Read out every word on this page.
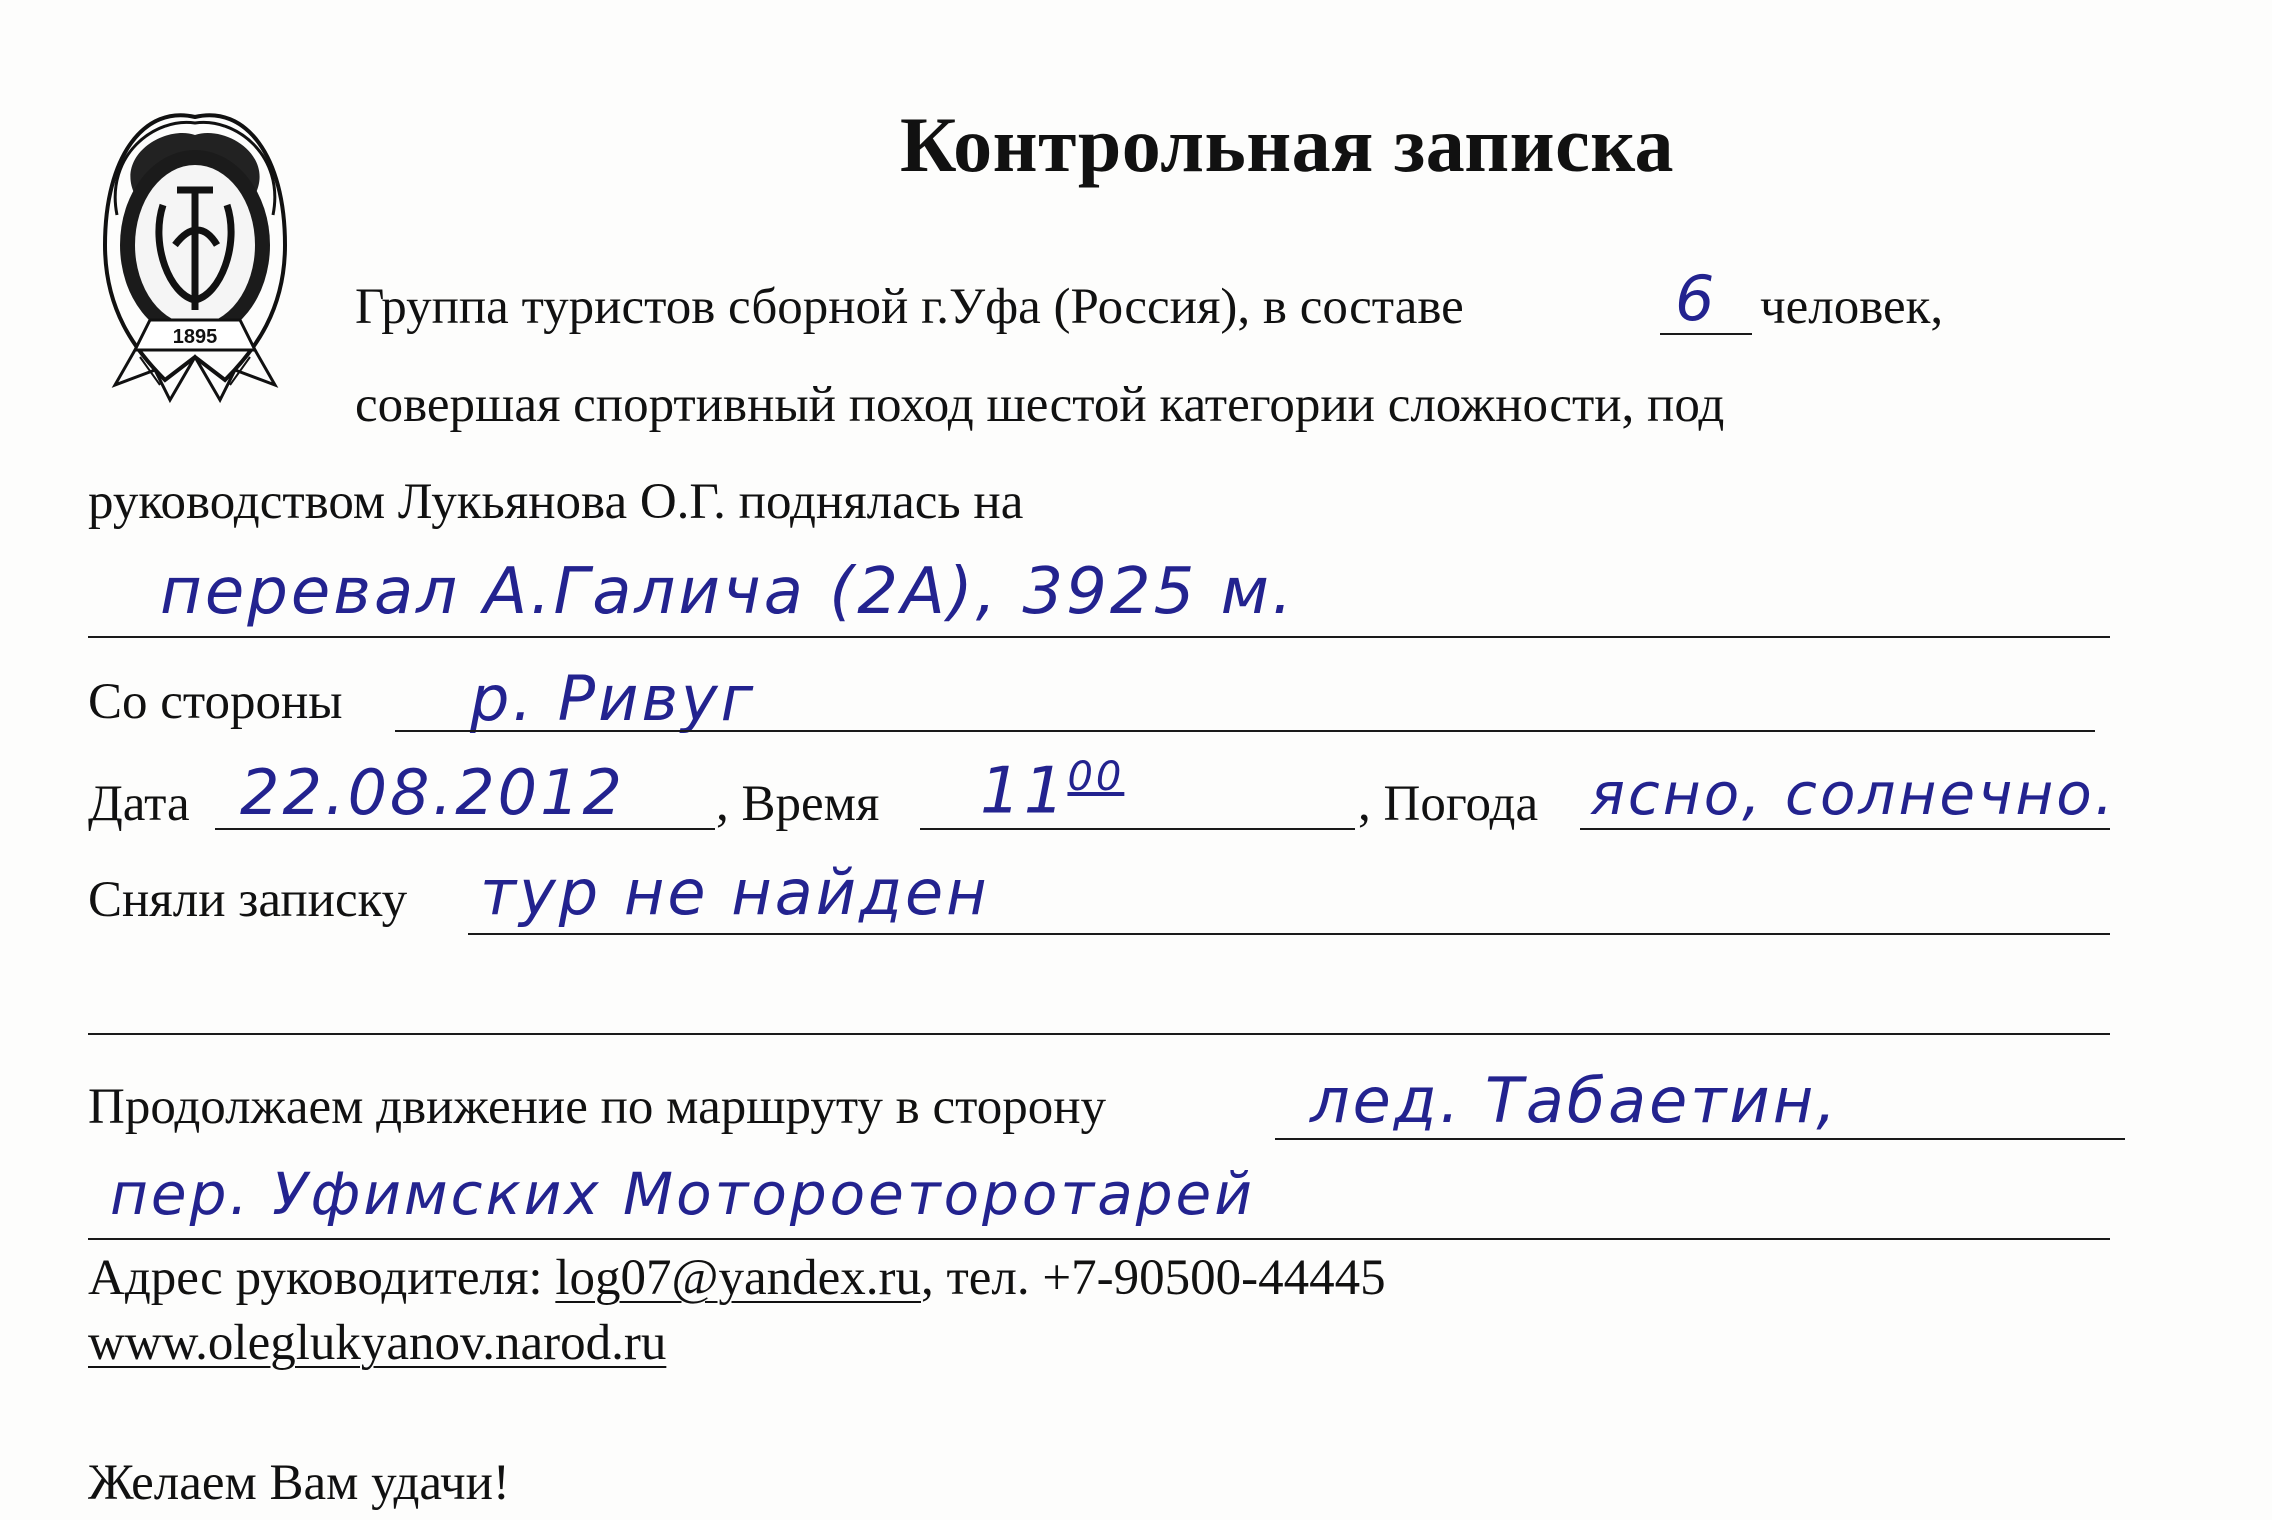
1895
Контрольная записка
Группа туристов сборной г.Уфа (Россия), в составе	6 человек,
совершая спортивный поход шестой категории сложности, под
руководством Лукьянова О.Г. поднялась на
перевал А.Галича (2А), 3925 м.
Со стороны р. Ривуг
Дата 22.08.2012 , Время $11^{00}$	, Погода ясно, солнечно.
Сняли записку тур не найден
Продолжаем движение по маршруту в сторону	лед. Табаетин,
пер. Уфимских Мотороеторотарей
Адрес руководителя: log07@yandex.ru, тел. +7-90500-44445
www.oleglukyanov.narod.ru
Желаем Вам удачи!
